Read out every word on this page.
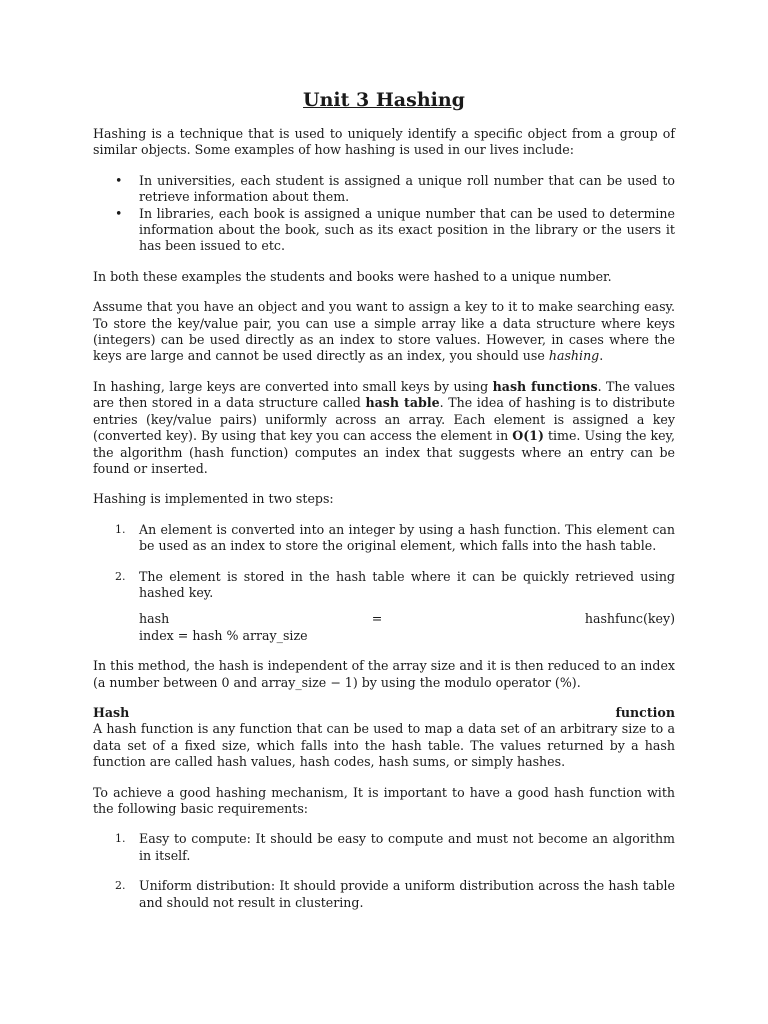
Unit 3 Hashing

Hashing is a technique that is used to uniquely identify a specific object from a group of similar objects. Some examples of how hashing is used in our lives include:

• In universities, each student is assigned a unique roll number that can be used to retrieve information about them.
• In libraries, each book is assigned a unique number that can be used to determine information about the book, such as its exact position in the library or the users it has been issued to etc.

In both these examples the students and books were hashed to a unique number.

Assume that you have an object and you want to assign a key to it to make searching easy. To store the key/value pair, you can use a simple array like a data structure where keys (integers) can be used directly as an index to store values. However, in cases where the keys are large and cannot be used directly as an index, you should use hashing.

In hashing, large keys are converted into small keys by using hash functions. The values are then stored in a data structure called hash table. The idea of hashing is to distribute entries (key/value pairs) uniformly across an array. Each element is assigned a key (converted key). By using that key you can access the element in O(1) time. Using the key, the algorithm (hash function) computes an index that suggests where an entry can be found or inserted.

Hashing is implemented in two steps:

1. An element is converted into an integer by using a hash function. This element can be used as an index to store the original element, which falls into the hash table.
2. The element is stored in the hash table where it can be quickly retrieved using hashed key.
hash	=	hashfunc(key)
index = hash % array_size

In this method, the hash is independent of the array size and it is then reduced to an index (a number between 0 and array_size − 1) by using the modulo operator (%).

Hash	function

A hash function is any function that can be used to map a data set of an arbitrary size to a data set of a fixed size, which falls into the hash table. The values returned by a hash function are called hash values, hash codes, hash sums, or simply hashes.

To achieve a good hashing mechanism, It is important to have a good hash function with the following basic requirements:

1. Easy to compute: It should be easy to compute and must not become an algorithm in itself.
2. Uniform distribution: It should provide a uniform distribution across the hash table and should not result in clustering.
